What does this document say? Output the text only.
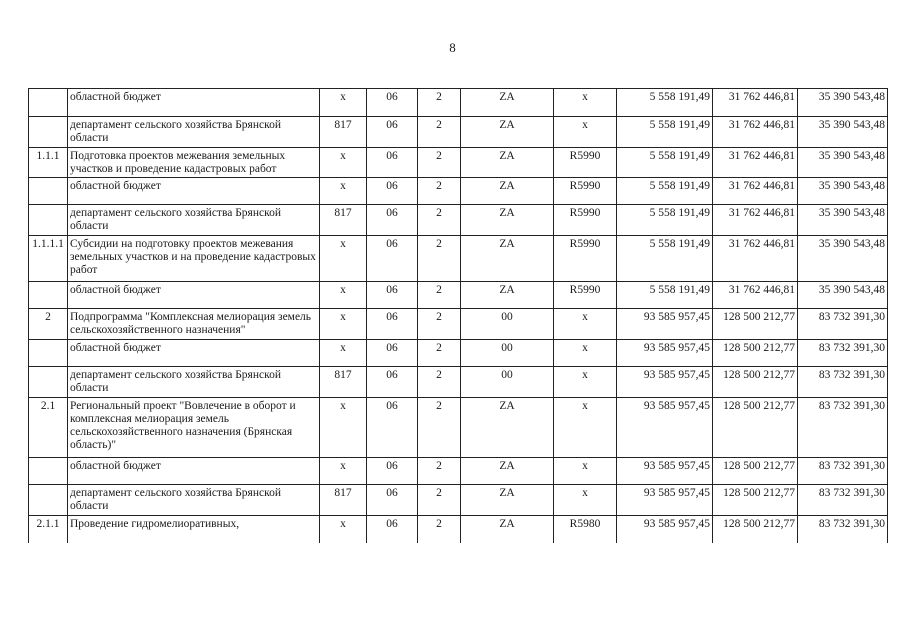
8
	областной бюджет	х	06	2	ZA	х	5 558 191,49	31 762 446,81	35 390 543,48
	департамент сельского хозяйства Брянской области	817	06	2	ZA	х	5 558 191,49	31 762 446,81	35 390 543,48
1.1.1	Подготовка проектов межевания земельных участков и проведение кадастровых работ	х	06	2	ZA	R5990	5 558 191,49	31 762 446,81	35 390 543,48
	областной бюджет	х	06	2	ZA	R5990	5 558 191,49	31 762 446,81	35 390 543,48
	департамент сельского хозяйства Брянской области	817	06	2	ZA	R5990	5 558 191,49	31 762 446,81	35 390 543,48
1.1.1.1	Субсидии на подготовку проектов межевания земельных участков и на проведение кадастровых работ	х	06	2	ZA	R5990	5 558 191,49	31 762 446,81	35 390 543,48
	областной бюджет	х	06	2	ZA	R5990	5 558 191,49	31 762 446,81	35 390 543,48
2	Подпрограмма "Комплексная мелиорация земель сельскохозяйственного назначения"	х	06	2	00	х	93 585 957,45	128 500 212,77	83 732 391,30
	областной бюджет	х	06	2	00	х	93 585 957,45	128 500 212,77	83 732 391,30
	департамент сельского хозяйства Брянской области	817	06	2	00	х	93 585 957,45	128 500 212,77	83 732 391,30
2.1	Региональный проект "Вовлечение в оборот и комплексная мелиорация земель сельскохозяйственного назначения (Брянская область)"	х	06	2	ZA	х	93 585 957,45	128 500 212,77	83 732 391,30
	областной бюджет	х	06	2	ZA	х	93 585 957,45	128 500 212,77	83 732 391,30
	департамент сельского хозяйства Брянской области	817	06	2	ZA	х	93 585 957,45	128 500 212,77	83 732 391,30
2.1.1	Проведение гидромелиоративных,	х	06	2	ZA	R5980	93 585 957,45	128 500 212,77	83 732 391,30
